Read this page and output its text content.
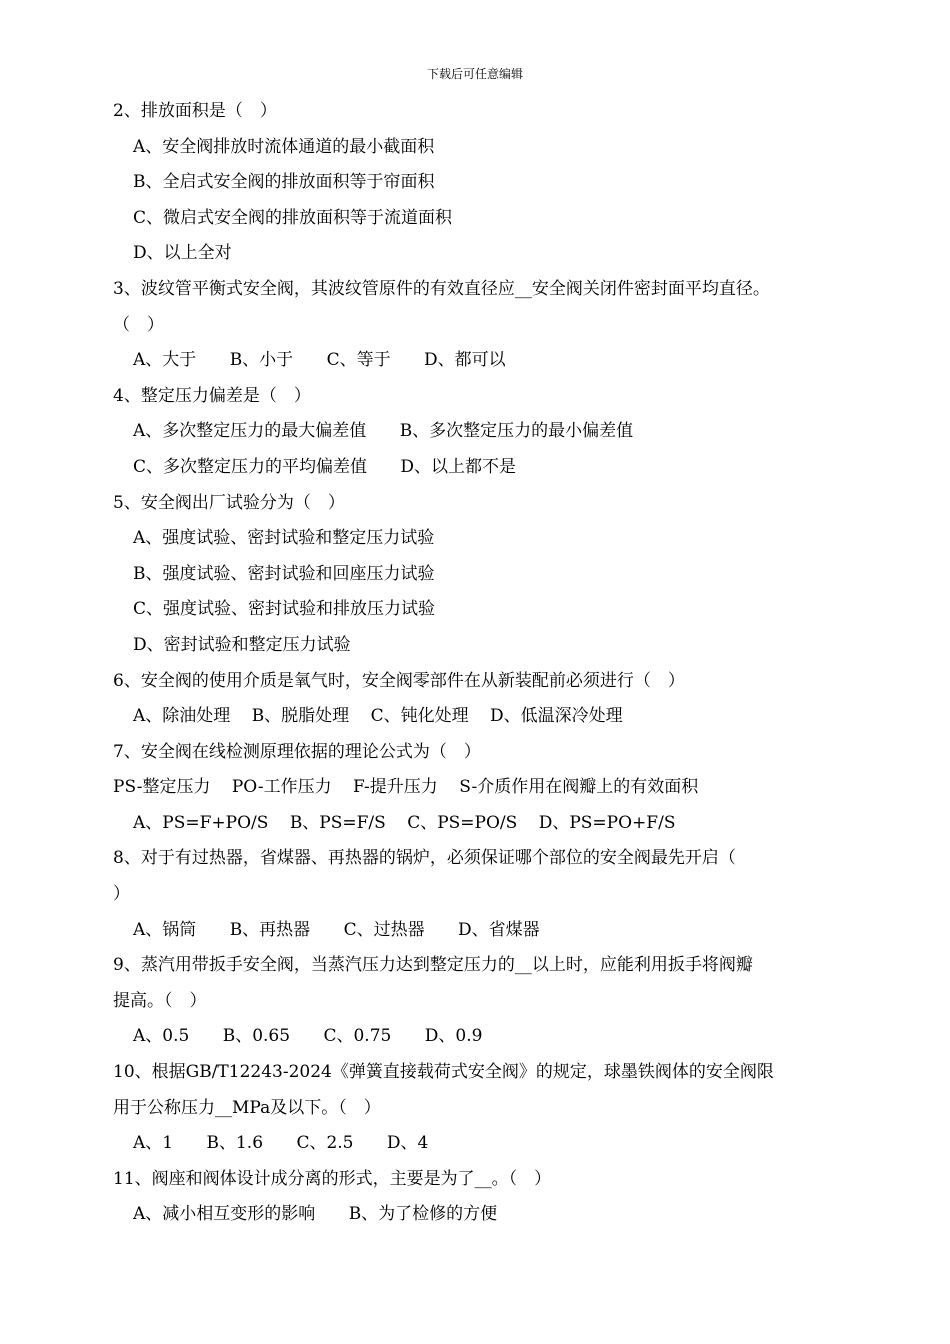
下载后可任意编辑
2、排放面积是（　）
A、安全阀排放时流体通道的最小截面积
B、全启式安全阀的排放面积等于帘面积
C、微启式安全阀的排放面积等于流道面积
D、以上全对
3、波纹管平衡式安全阀，其波纹管原件的有效直径应__安全阀关闭件密封面平均直径。
（　）
A、大于 B、小于 C、等于 D、都可以
4、整定压力偏差是（　）
A、多次整定压力的最大偏差值 B、多次整定压力的最小偏差值
C、多次整定压力的平均偏差值 D、以上都不是
5、安全阀出厂试验分为（　）
A、强度试验、密封试验和整定压力试验
B、强度试验、密封试验和回座压力试验
C、强度试验、密封试验和排放压力试验
D、密封试验和整定压力试验
6、安全阀的使用介质是氧气时，安全阀零部件在从新装配前必须进行（　）
A、除油处理 B、脱脂处理 C、钝化处理 D、低温深冷处理
7、安全阀在线检测原理依据的理论公式为（　）
PS-整定压力 PO-工作压力 F-提升压力 S-介质作用在阀瓣上的有效面积
A、PS=F+PO/S B、PS=F/S C、PS=PO/S D、PS=PO+F/S
8、对于有过热器，省煤器、再热器的锅炉，必须保证哪个部位的安全阀最先开启（
）
A、锅筒 B、再热器 C、过热器 D、省煤器
9、蒸汽用带扳手安全阀，当蒸汽压力达到整定压力的__以上时，应能利用扳手将阀瓣
提高。（　）
A、0.5 B、0.65 C、0.75 D、0.9
10、根据GB/T12243-2024《弹簧直接载荷式安全阀》的规定，球墨铁阀体的安全阀限
用于公称压力__MPa及以下。（　）
A、1 B、1.6 C、2.5 D、4
11、阀座和阀体设计成分离的形式，主要是为了__。（　）
A、减小相互变形的影响 B、为了检修的方便
